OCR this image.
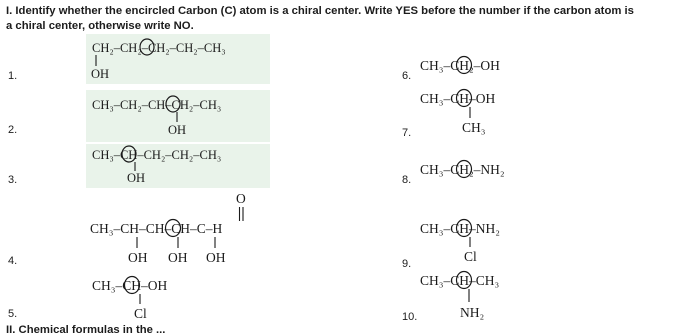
I. Identify whether the encircled Carbon (C) atom is a chiral center. Write YES before the number if the carbon atom is
a chiral center, otherwise write NO.
1.
2.
3.
4.
5.
6.
7.
8.
9.
10.
CH₂–CH₂–CH₂–CH₂–CH₃
OH
CH₃–CH₂–CH–CH₂–CH₃
OH
CH₃–CH–CH₂–CH₂–CH₃
OH
O
CH₃–CH–CH–CH–C–H
OH OH OH
CH₃–CH–OH
Cl
CH₃–CH₂–OH
CH₃–CH–OH
CH₃
CH₃–CH₂–NH₂
CH₃–CH–NH₂
Cl
CH₃–CH–CH₃
NH₂
II. Chemical formulas in the ...
